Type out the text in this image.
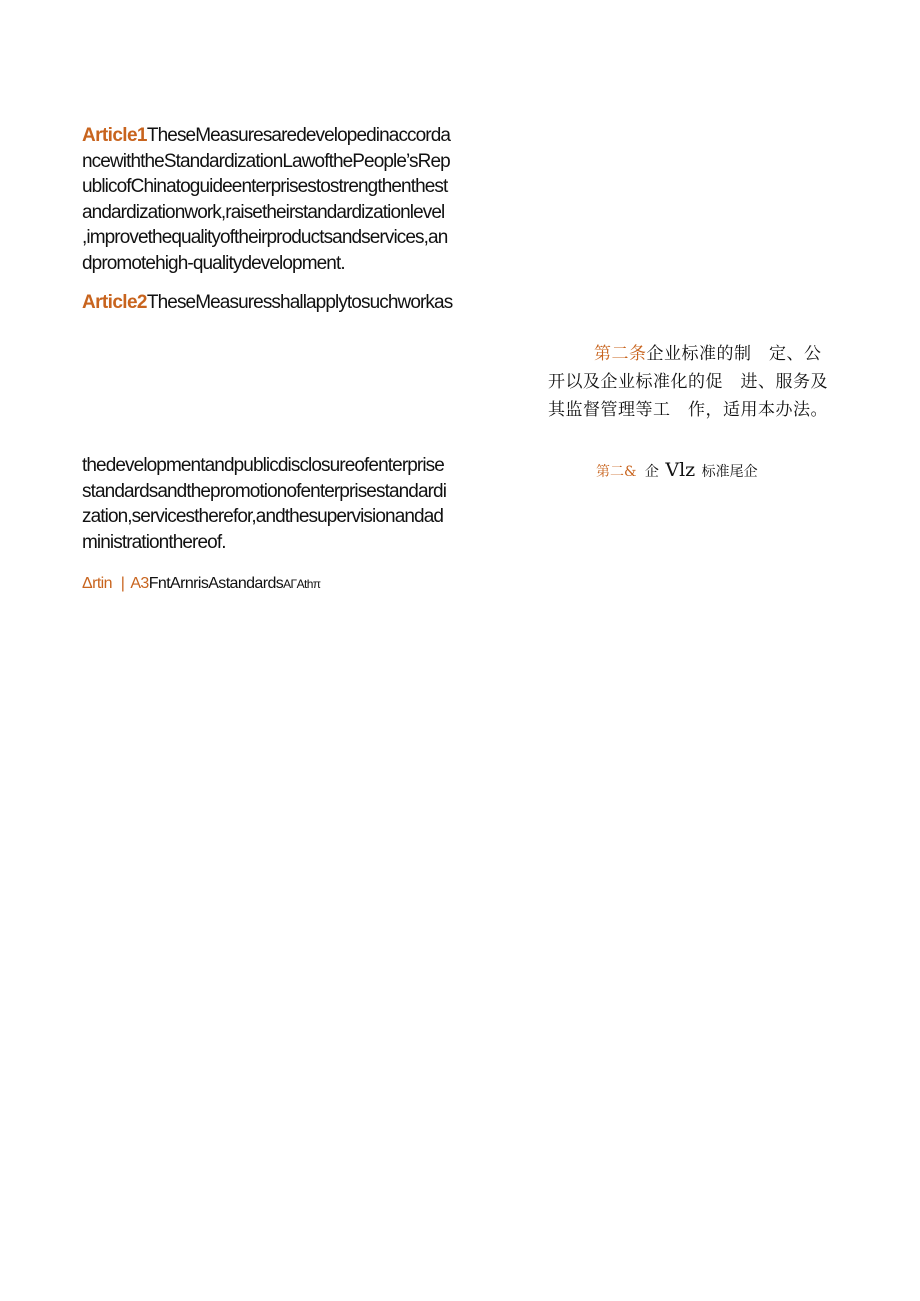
Article1TheseMeasuresaredevelopedinaccorda
ncewiththeStandardizationLawofthePeople’sRep
ublicofChinatoguideenterprisestostrengthenthest
andardizationwork,raisetheirstandardizationlevel
,improvethequalityoftheirproductsandservices,an
dpromotehigh-qualitydevelopment.
Article2TheseMeasuresshallapplytosuchworkas
第二条企业标准的制　定、公
开以及企业标准化的促　进、服务及
其监督管理等工　作，适用本办法。
thedevelopmentandpublicdisclosureofenterprise
standardsandthepromotionofenterprisestandardi
zation,servicestherefor,andthesupervisionandad
ministrationthereof.
第二& 企 Vlz 标准尾企
Δrtin | A3FntArnrisAstandardsAΓAthπ
